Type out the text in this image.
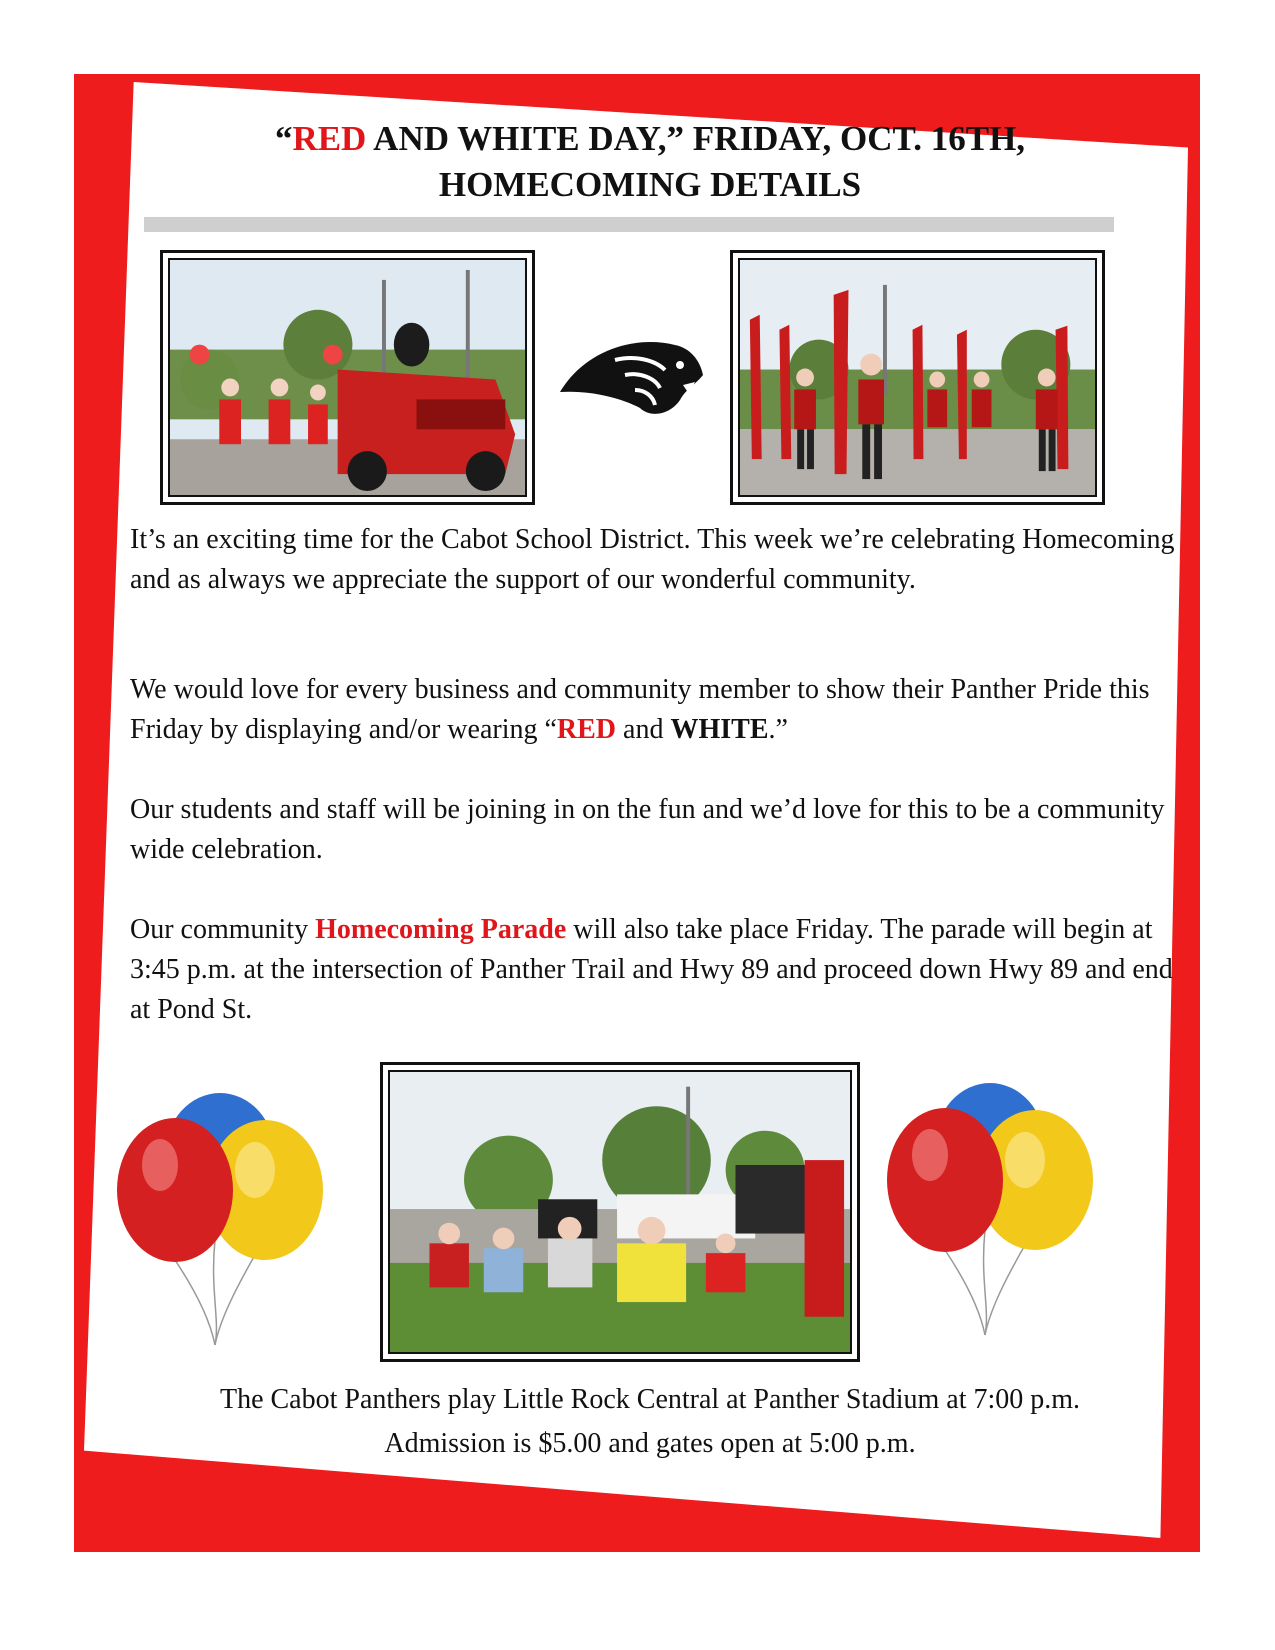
“RED AND WHITE DAY,” FRIDAY, OCT. 16TH,
HOMECOMING DETAILS

It’s an exciting time for the Cabot School District. This week we’re celebrating Homecoming and as always we appreciate the support of our wonderful community.

We would love for every business and community member to show their Panther Pride this Friday by displaying and/or wearing “RED and WHITE.”

Our students and staff will be joining in on the fun and we’d love for this to be a community wide celebration.

Our community Homecoming Parade will also take place Friday. The parade will begin at 3:45 p.m. at the intersection of Panther Trail and Hwy 89 and proceed down Hwy 89 and end at Pond St.

The Cabot Panthers play Little Rock Central at Panther Stadium at 7:00 p.m.
Admission is $5.00 and gates open at 5:00 p.m.
